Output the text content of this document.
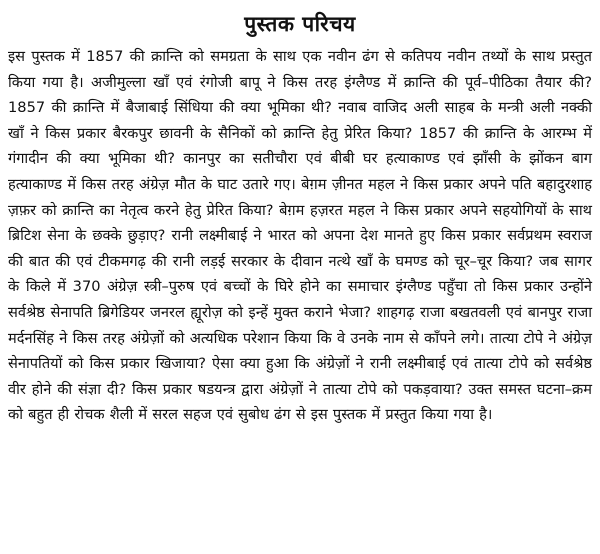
पुस्तक परिचय

इस पुस्तक में 1857 की क्रान्ति को समग्रता के साथ एक नवीन ढंग से कतिपय नवीन तथ्यों के साथ प्रस्तुत किया गया है। अजीमुल्ला खाँ एवं रंगोजी बापू ने किस तरह इंग्लैण्ड में क्रान्ति की पूर्व–पीठिका तैयार की? 1857 की क्रान्ति में बैजाबाई सिंधिया की क्या भूमिका थी? नवाब वाजिद अली साहब के मन्त्री अली नक्की खाँ ने किस प्रकार बैरकपुर छावनी के सैनिकों को क्रान्ति हेतु प्रेरित किया? 1857 की क्रान्ति के आरम्भ में गंगादीन की क्या भूमिका थी? कानपुर का सतीचौरा एवं बीबी घर हत्याकाण्ड एवं झाँसी के झोंकन बाग हत्याकाण्ड में किस तरह अंग्रेज़ मौत के घाट उतारे गए। बेग़म ज़ीनत महल ने किस प्रकार अपने पति बहादुरशाह ज़फ़र को क्रान्ति का नेतृत्व करने हेतु प्रेरित किया? बेग़म हज़रत महल ने किस प्रकार अपने सहयोगियों के साथ ब्रिटिश सेना के छक्के छुड़ाए? रानी लक्ष्मीबाई ने भारत को अपना देश मानते हुए किस प्रकार सर्वप्रथम स्वराज की बात की एवं टीकमगढ़ की रानी लड़ई सरकार के दीवान नत्थे खाँ के घमण्ड को चूर–चूर किया? जब सागर के किले में 370 अंग्रेज़ स्त्री–पुरुष एवं बच्चों के घिरे होने का समाचार इंग्लैण्ड पहुँचा तो किस प्रकार उन्होंने सर्वश्रेष्ठ सेनापति ब्रिगेडियर जनरल ह्यूरोज़ को इन्हें मुक्त कराने भेजा? शाहगढ़ राजा बखतवली एवं बानपुर राजा मर्दनसिंह ने किस तरह अंग्रेज़ों को अत्यधिक परेशान किया कि वे उनके नाम से काँपने लगे। तात्या टोपे ने अंग्रेज़ सेनापतियों को किस प्रकार खिजाया? ऐसा क्या हुआ कि अंग्रेज़ों ने रानी लक्ष्मीबाई एवं तात्या टोपे को सर्वश्रेष्ठ वीर होने की संज्ञा दी? किस प्रकार षडयन्त्र द्वारा अंग्रेज़ों ने तात्या टोपे को पकड़वाया? उक्त समस्त घटना–क्रम को बहुत ही रोचक शैली में सरल सहज एवं सुबोध ढंग से इस पुस्तक में प्रस्तुत किया गया है।
